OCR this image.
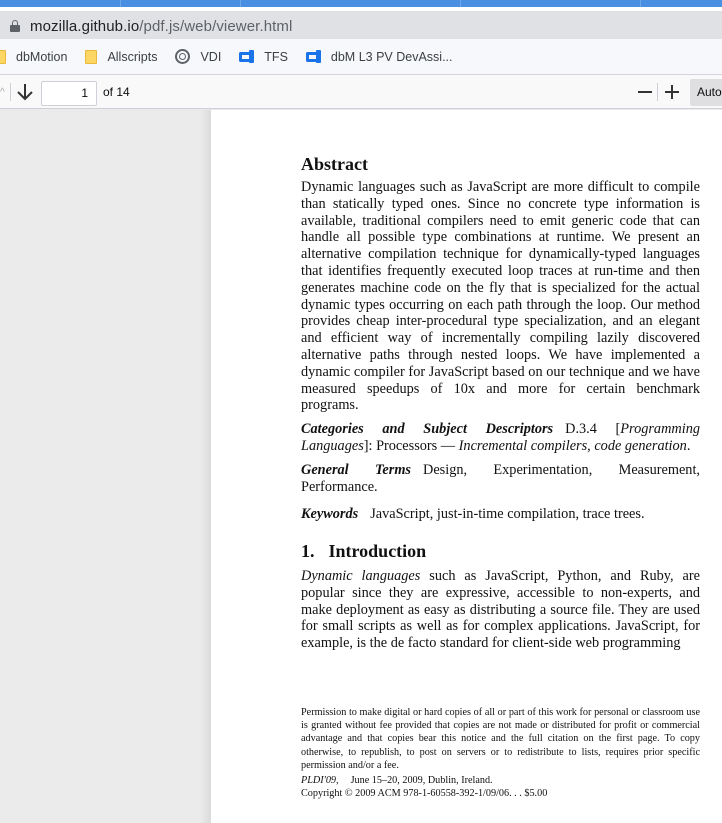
mozilla.github.io/pdf.js/web/viewer.html
dbMotion	Allscripts	VDI	TFS	dbM L3 PV DevAssi...
^	1	of 14	Auto
Abstract
Dynamic languages such as JavaScript are more difficult to compile than statically typed ones. Since no concrete type information is available, traditional compilers need to emit generic code that can handle all possible type combinations at runtime. We present an alternative compilation technique for dynamically-typed languages that identifies frequently executed loop traces at run-time and then generates machine code on the fly that is specialized for the actual dynamic types occurring on each path through the loop. Our method provides cheap inter-procedural type specialization, and an elegant and efficient way of incrementally compiling lazily discovered alternative paths through nested loops. We have implemented a dynamic compiler for JavaScript based on our technique and we have measured speedups of 10x and more for certain benchmark programs.
Categories and Subject Descriptors D.3.4 [Programming Languages]: Processors — Incremental compilers, code generation.
General Terms Design, Experimentation, Measurement, Performance.
Keywords JavaScript, just-in-time compilation, trace trees.
1. Introduction
Dynamic languages such as JavaScript, Python, and Ruby, are popular since they are expressive, accessible to non-experts, and make deployment as easy as distributing a source file. They are used for small scripts as well as for complex applications. JavaScript, for example, is the de facto standard for client-side web programming
Permission to make digital or hard copies of all or part of this work for personal or classroom use is granted without fee provided that copies are not made or distributed for profit or commercial advantage and that copies bear this notice and the full citation on the first page. To copy otherwise, to republish, to post on servers or to redistribute to lists, requires prior specific permission and/or a fee.
PLDI'09, June 15–20, 2009, Dublin, Ireland.
Copyright © 2009 ACM 978-1-60558-392-1/09/06. . . $5.00
